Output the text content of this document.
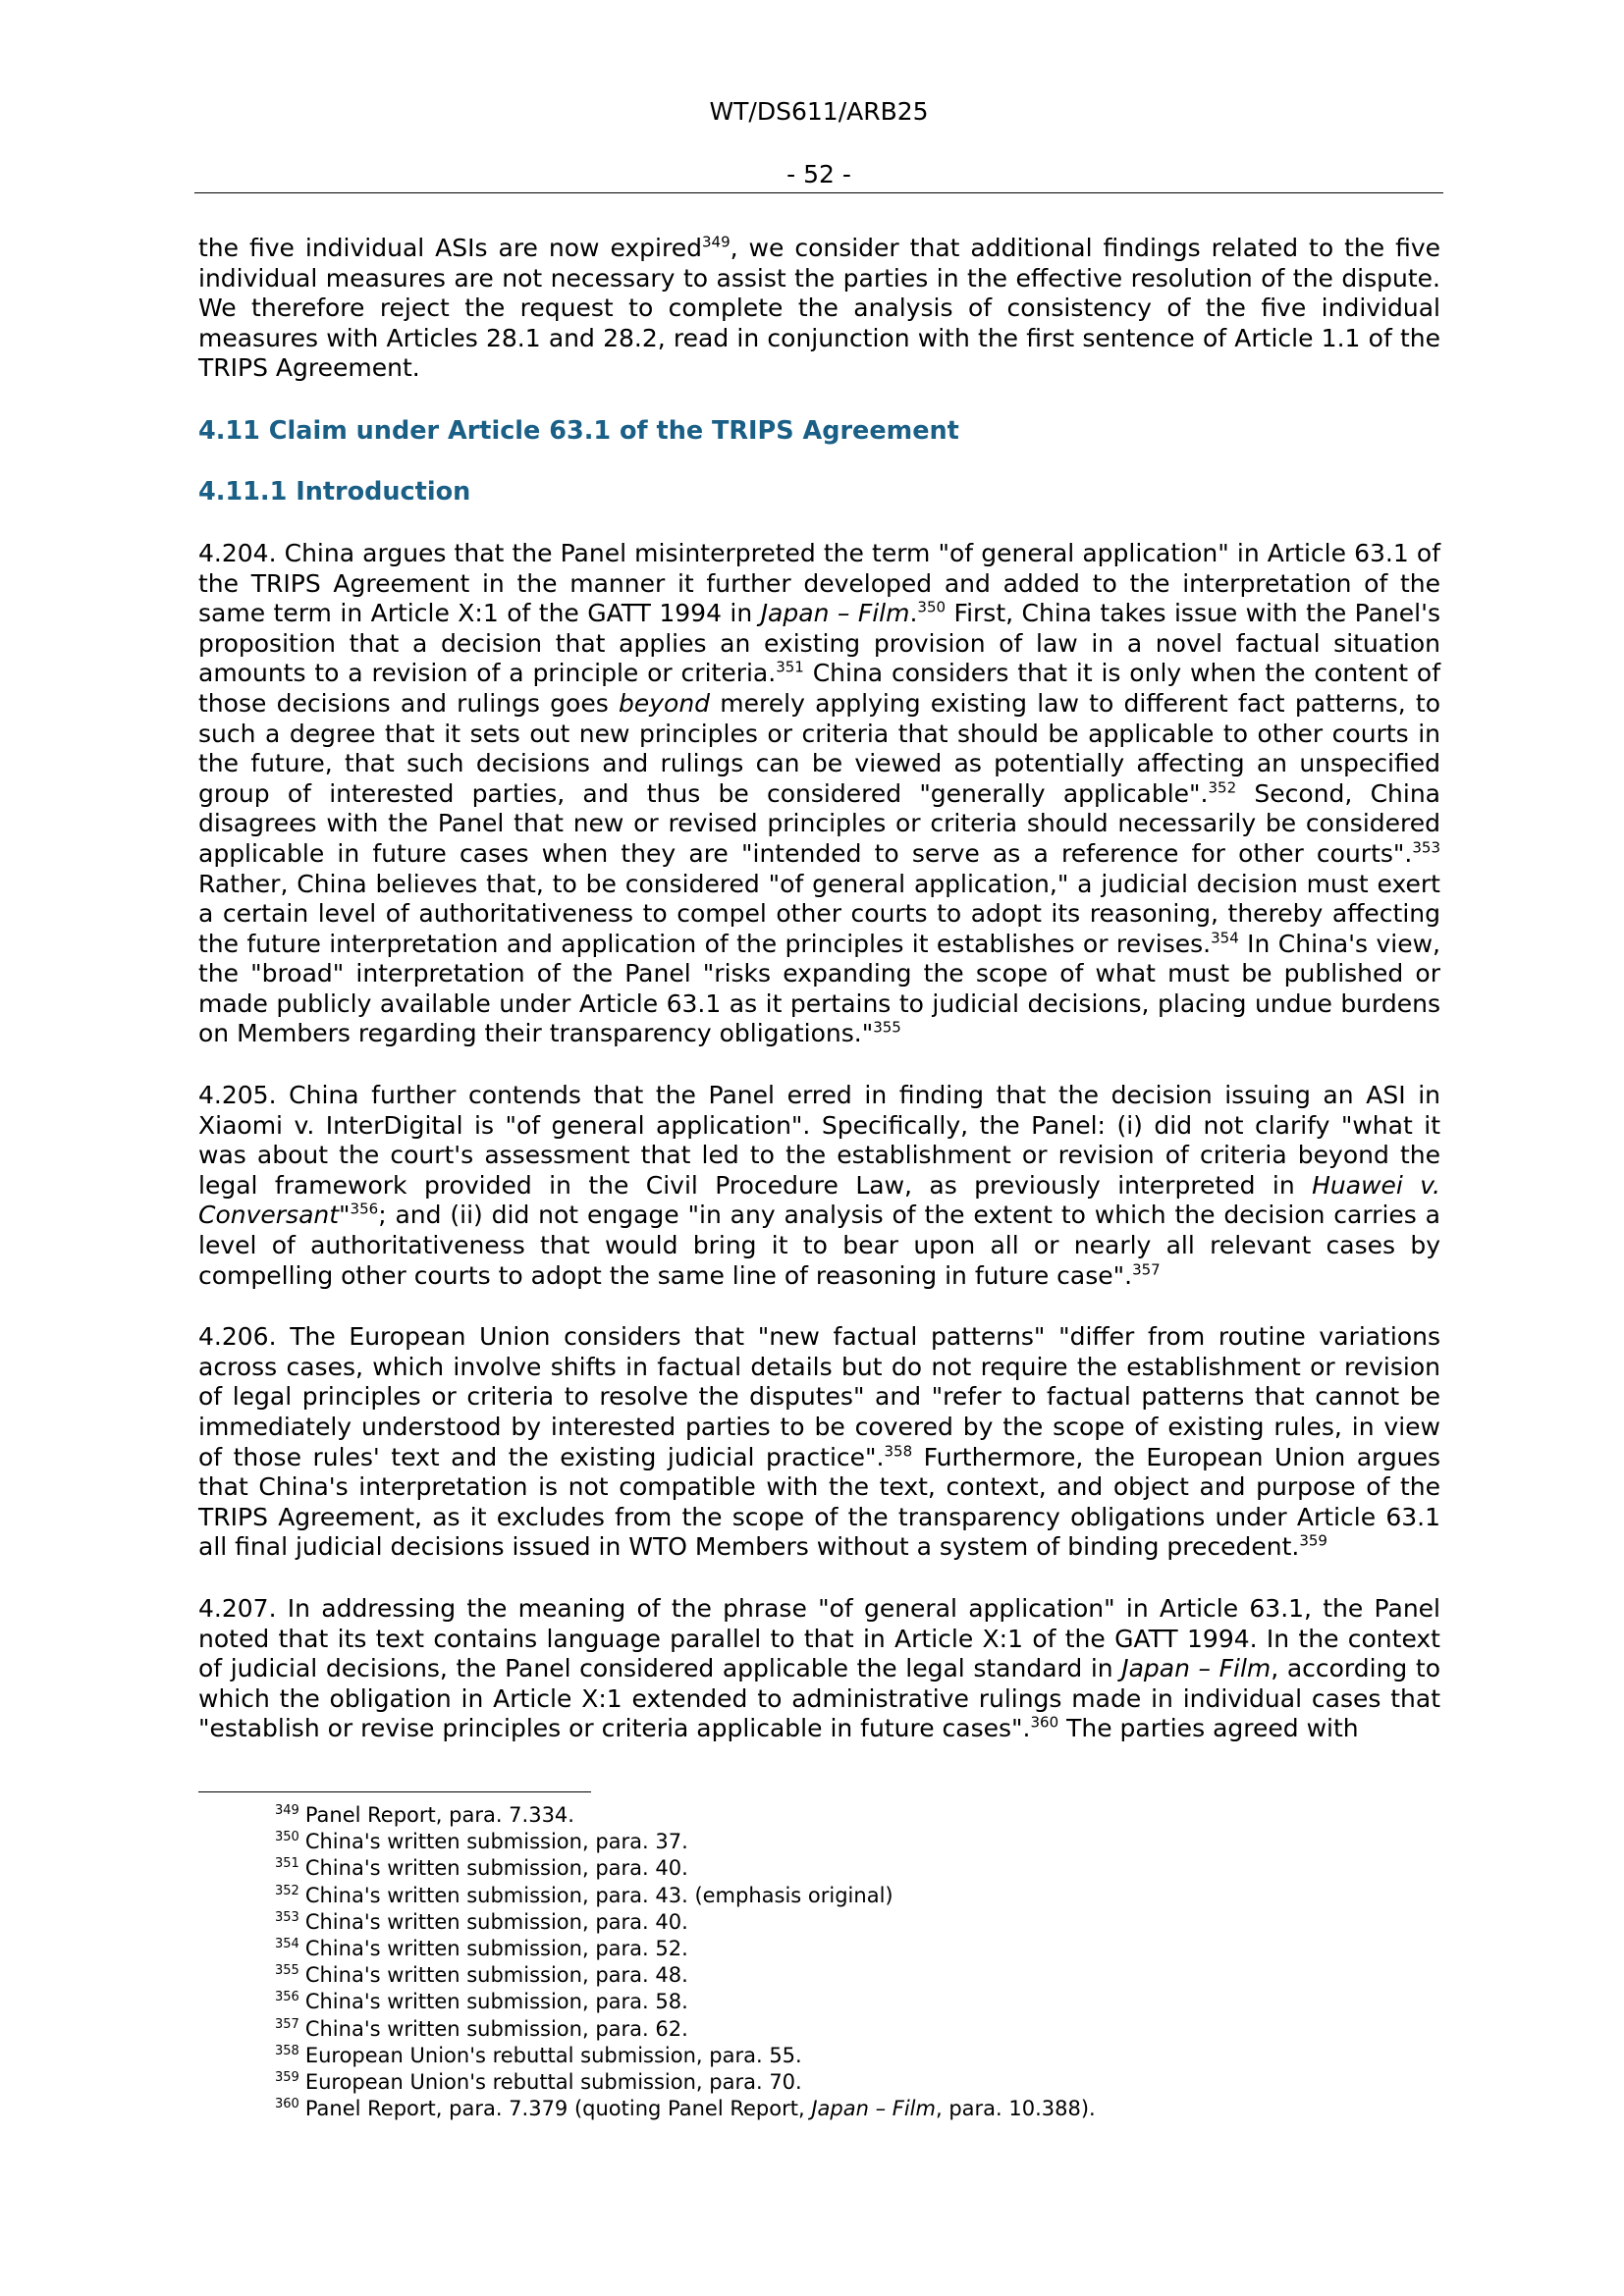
WT/DS611/ARB25
- 52 -

the five individual ASIs are now expired$^{349}$, we consider that additional findings related to the five individual measures are not necessary to assist the parties in the effective resolution of the dispute. We therefore reject the request to complete the analysis of consistency of the five individual measures with Articles 28.1 and 28.2, read in conjunction with the first sentence of Article 1.1 of the TRIPS Agreement.

4.11 Claim under Article 63.1 of the TRIPS Agreement
4.11.1 Introduction

4.204. China argues that the Panel misinterpreted the term "of general application" in Article 63.1 of the TRIPS Agreement in the manner it further developed and added to the interpretation of the same term in Article X:1 of the GATT 1994 in Japan – Film.$^{350}$ First, China takes issue with the Panel's proposition that a decision that applies an existing provision of law in a novel factual situation amounts to a revision of a principle or criteria.$^{351}$ China considers that it is only when the content of those decisions and rulings goes beyond merely applying existing law to different fact patterns, to such a degree that it sets out new principles or criteria that should be applicable to other courts in the future, that such decisions and rulings can be viewed as potentially affecting an unspecified group of interested parties, and thus be considered "generally applicable".$^{352}$ Second, China disagrees with the Panel that new or revised principles or criteria should necessarily be considered applicable in future cases when they are "intended to serve as a reference for other courts".$^{353}$ Rather, China believes that, to be considered "of general application," a judicial decision must exert a certain level of authoritativeness to compel other courts to adopt its reasoning, thereby affecting the future interpretation and application of the principles it establishes or revises.$^{354}$ In China's view, the "broad" interpretation of the Panel "risks expanding the scope of what must be published or made publicly available under Article 63.1 as it pertains to judicial decisions, placing undue burdens on Members regarding their transparency obligations."$^{355}$

4.205. China further contends that the Panel erred in finding that the decision issuing an ASI in Xiaomi v. InterDigital is "of general application". Specifically, the Panel: (i) did not clarify "what it was about the court's assessment that led to the establishment or revision of criteria beyond the legal framework provided in the Civil Procedure Law, as previously interpreted in Huawei v. Conversant"$^{356}$; and (ii) did not engage "in any analysis of the extent to which the decision carries a level of authoritativeness that would bring it to bear upon all or nearly all relevant cases by compelling other courts to adopt the same line of reasoning in future case".$^{357}$

4.206. The European Union considers that "new factual patterns" "differ from routine variations across cases, which involve shifts in factual details but do not require the establishment or revision of legal principles or criteria to resolve the disputes" and "refer to factual patterns that cannot be immediately understood by interested parties to be covered by the scope of existing rules, in view of those rules' text and the existing judicial practice".$^{358}$ Furthermore, the European Union argues that China's interpretation is not compatible with the text, context, and object and purpose of the TRIPS Agreement, as it excludes from the scope of the transparency obligations under Article 63.1 all final judicial decisions issued in WTO Members without a system of binding precedent.$^{359}$

4.207. In addressing the meaning of the phrase "of general application" in Article 63.1, the Panel noted that its text contains language parallel to that in Article X:1 of the GATT 1994. In the context of judicial decisions, the Panel considered applicable the legal standard in Japan – Film, according to which the obligation in Article X:1 extended to administrative rulings made in individual cases that "establish or revise principles or criteria applicable in future cases".$^{360}$ The parties agreed with

$^{349}$ Panel Report, para. 7.334.
$^{350}$ China's written submission, para. 37.
$^{351}$ China's written submission, para. 40.
$^{352}$ China's written submission, para. 43. (emphasis original)
$^{353}$ China's written submission, para. 40.
$^{354}$ China's written submission, para. 52.
$^{355}$ China's written submission, para. 48.
$^{356}$ China's written submission, para. 58.
$^{357}$ China's written submission, para. 62.
$^{358}$ European Union's rebuttal submission, para. 55.
$^{359}$ European Union's rebuttal submission, para. 70.
$^{360}$ Panel Report, para. 7.379 (quoting Panel Report, Japan – Film, para. 10.388).
